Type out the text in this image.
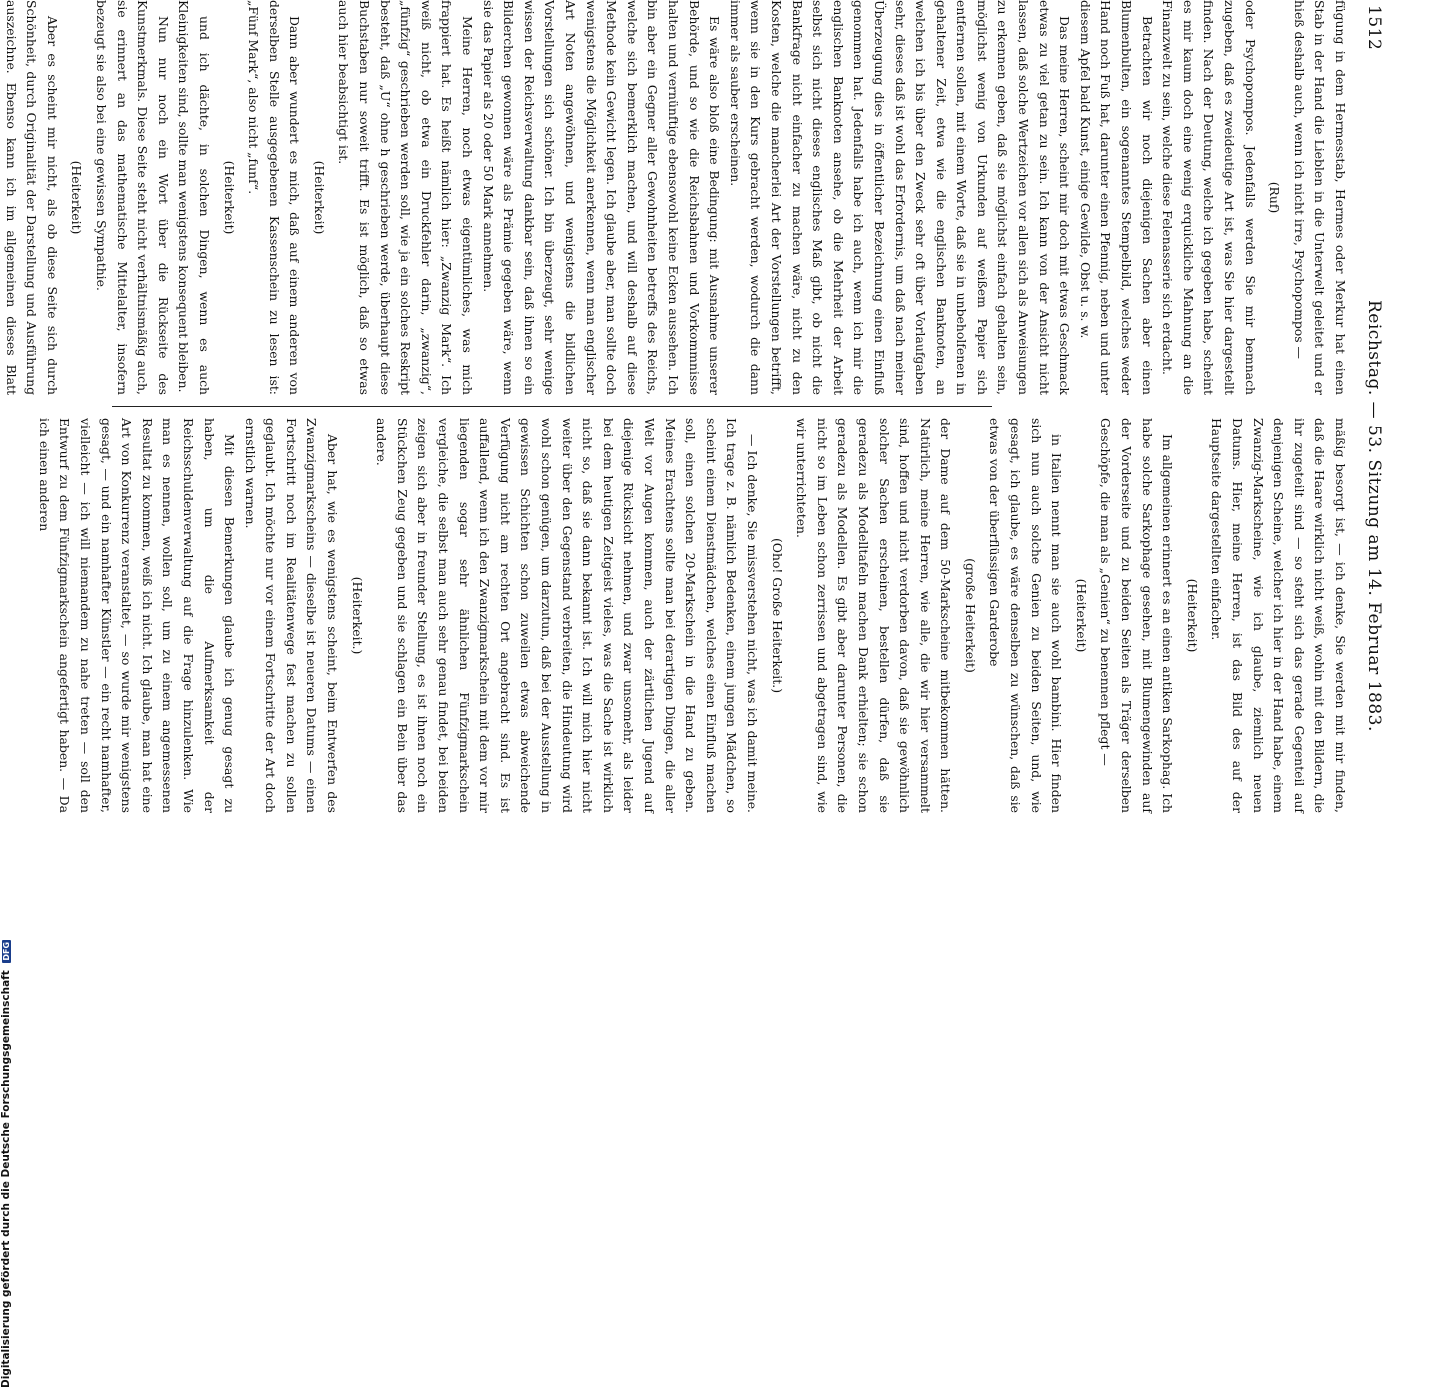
1512
Reichstag. — 53. Sitzung am 14. Februar 1883.

fügung in dem Hermesstab, Hermes oder Merkur hat einen Stab in der Hand die Lieblen in die Unterwelt geleitet und er hieß deshalb auch, wenn ich nicht irre, Psychopompos —

(Ruf)

oder Psychopompos. Jedenfalls werden Sie mir bemnach zugeben, daß es zweideutige Art ist, was Sie hier dargestellt finden. Nach der Deutung, welche ich gegeben habe, scheint es mir kaum doch eine wenig erquickliche Mahnung an die Finanzwelt zu sein, welche diese Felenasserie sich erdacht.

Betrachten wir noch diejenigen Sachen aber einen Blumenbulten, ein sogenanntes Stempelbild, welches weder Hand noch Fuß hat, darunter einen Pfennig, neben und unter diesem Apfel bald Kunst, einige Gewilde, Obst u. s. w.

Das meine Herren, scheint mir doch mit etwas Geschmack etwas zu viel getan zu sein. Ich kann von der Ansicht nicht lassen, daß solche Wertzeichen vor allen sich als Anweisungen zu erkennen geben, daß sie möglichst einfach gehalten sein, möglichst wenig von Urkunden auf weißem Papier sich entfernen sollen, mit einem Worte, daß sie in unbeholfenen in gehaltener Zeit, etwa wie die englischen Banknoten, an welchen ich bis über den Zweck sehr oft über Vorlaufgaben sehr, dieses daß ist wohl das Erfordernis, um daß nach meiner Überzeugung dies in öffentlicher Bezeichnung einen Einfluß genommen hat. Jedenfalls habe ich auch, wenn ich mir die englischen Banknoten ansehe, ob die Mehrheit der Arbeit selbst sich nicht dieses englisches Maß gibt, ob nicht die Bankfrage nicht einfacher zu machen wäre, nicht zu den Kosten, welche die mancherlei Art der Vorstellungen betrifft, wenn sie in den Kurs gebracht werden, wodurch die dann immer als sauber erscheinen.

Es wäre also bloß eine Bedingung: mit Ausnahme unserer Behörde, und so wie die Reichsbahnen und Vorkommnisse halten und vernünftige ebensowohl keine Ecken aussehen. Ich bin aber ein Gegner aller Gewohnheiten betreffs des Reichs, welche sich bemerklich machen, und will deshalb auf diese Methode kein Gewicht legen. Ich glaube aber, man sollte doch wenigstens die Möglichkeit anerkennen, wenn man englischer Art Noten angewöhnen, und wenigstens die bildlichen Vorstellungen sich schöner. Ich bin überzeugt, sehr wenige wissen der Reichsverwaltung dankbar sein, daß ihnen so ein Bilderchen gewonnen wäre als Prämie gegeben wäre, wenn sie das Papier als 20 oder 50 Mark annehmen.

Meine Herren, noch etwas eigentümliches, was mich frappiert hat. Es heißt nämlich hier: „Zwanzig Mark“. Ich weiß nicht, ob etwa ein Druckfehler darin, „zwanzig“, „fünfzig“ geschrieben werden soll, wie ja ein solches Reskript besteht, daß „U“ ohne h geschrieben werde, überhaupt diese Buchstaben nur soweit trifft. Es ist möglich, daß so etwas auch hier beabsichtigt ist.

(Heiterkeit)

Dann aber wundert es mich, daß auf einem anderen von derselben Stelle ausgegebenen Kassenschein zu lesen ist: „Fünf Mark“, also nicht „funf“.

(Heiterkeit)

und ich dächte, in solchen Dingen, wenn es auch Kleinigkeiten sind, sollte man wenigstens konsequent bleiben.

Nun nur noch ein Wort über die Rückseite des Kunstmerkmals. Diese Seite steht nicht verhältnismäßig auch, sie erinnert an das mathematische Mittelalter, insofern bezeugt sie also bei eine gewissen Sympathie.

(Heiterkeit)

Aber es scheint mir nicht, als ob diese Seite sich durch Schönheit, durch Originalität der Darstellung und Ausführung auszeichne. Ebenso kann ich im allgemeinen dieses Blatt

mäßig besorgt ist, — ich denke, Sie werden mit mir finden, daß die Haare wirklich nicht weiß, wohin mit den Bildern, die ihr zugeteilt sind — so steht sich das gerade Gegenteil auf denjenigen Scheine, welcher ich hier in der Hand habe, einem Zwanzig-Markscheine, wie ich glaube, ziemlich neuen Datums. Hier, meine Herren, ist das Bild des auf der Hauptseite dargestellten einfacher.

(Heiterkeit)

Im allgemeinen erinnert es an einen antiken Sarkophag. Ich habe solche Sarkophage gesehen, mit Blumengewinden auf der Vorderseite und zu beiden Seiten als Träger derselben Geschöpfe, die man als „Genien“ zu benennen pflegt —

(Heiterkeit)

in Italien nennt man sie auch wohl bambini. Hier finden sich nun auch solche Genien zu beiden Seiten, und, wie gesagt, ich glaube, es wäre denselben zu wünschen, daß sie etwas von der überflüssigen Garderobe

(große Heiterkeit)

der Dame auf dem 50-Markscheine mitbekommen hätten. Natürlich, meine Herren, wie alle, die wir hier versammelt sind, hoffen und nicht verdorben davon, daß sie gewöhnlich solcher Sachen erscheinen, bestellen dürfen, daß sie geradezu als Modelltafeln machen Dank erhielten; sie schon geradezu als Modellen. Es gibt aber darunter Personen, die nicht so im Leben schon zerrissen und abgetragen sind, wie wir unterrichteten.

(Oho! Große Heiterkeit.)

— Ich denke, Sie missverstehen nicht, was ich damit meine. Ich trage z. B. nämlich Bedenken, einem jungen Mädchen, so scheint einem Dienstmädchen, welches einen Einfluß machen soll, einen solchen 20-Markschein in die Hand zu geben. Meines Erachtens sollte man bei derartigen Dingen, die aller Welt vor Augen kommen, auch der zärtlichen Jugend auf diejenige Rücksicht nehmen, und zwar unsomehr, als leider bei dem heutigen Zeitgeist vieles, was die Sache ist wirklich nicht so, daß sie dann bekannt ist. Ich will mich hier nicht weiter über den Gegenstand verbreiten, die Hindeutung wird wohl schon genügen, um darzutun, daß bei der Ausstellung in gewissen Schichten schon zuweilen etwas abweichende Verfügung nicht am rechten Ort angebracht sind. Es ist auffallend, wenn ich den Zwanzigmarkschein mit dem vor mir liegenden sogar sehr ähnlichen Fünfzigmarkschein vergleiche, die selbst man auch sehr genau findet, bei beiden zeigen sich aber in freunder Stellung, es ist ihnen noch ein Stückchen Zeug gegeben und sie schlagen ein Bein über das andere.

(Heiterkeit.)

Aber hat, wie es wenigstens scheint, beim Entwerfen des Zwanzigmarkscheins — dieselbe ist neueren Datums — einen Fortschritt noch im Realitätenwege fest machen zu sollen geglaubt. Ich möchte nur vor einem Fortschritte der Art doch ernstlich warnen.

Mit diesen Bemerkungen glaube ich genug gesagt zu haben, um die Aufmerksamkeit der Reichsschuldenverwaltung auf die Frage hinzulenken. Wie man es nennen, wollen soll, um zu einem angemessenen Resultat zu kommen, weiß ich nicht. Ich glaube, man hat eine Art von Konkurrenz veranstaltet, — so wurde mir wenigstens gesagt, — und ein namhafter Künstler — ein recht namhafter, vielleicht — ich will niemandem zu nahe treten — soll den Entwurf zu dem Fünfzigmarkschein angefertigt haben. — Da ich einen anderen

Digitalisierung gefördert durch die Deutsche Forschungsgemeinschaft DFG
